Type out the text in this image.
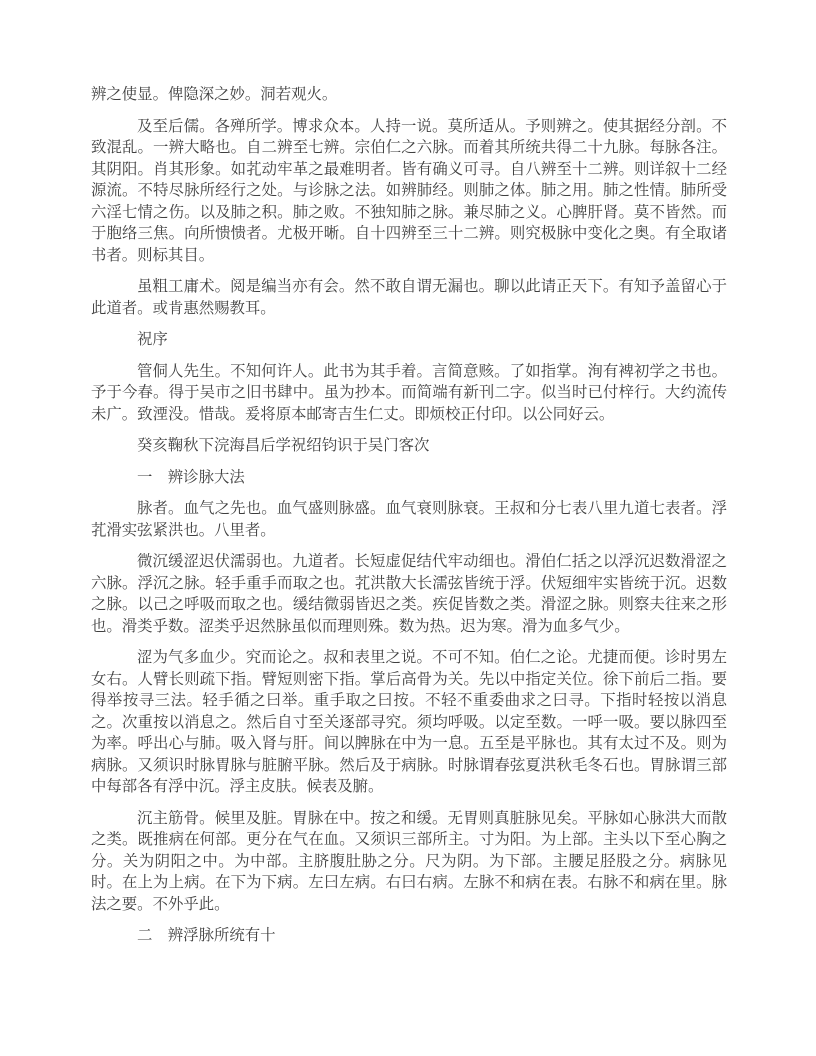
辨之使显。俾隐深之妙。洞若观火。

及至后儒。各殚所学。博求众本。人持一说。莫所适从。予则辨之。使其据经分剖。不致混乱。一辨大略也。自二辨至七辨。宗伯仁之六脉。而着其所统共得二十九脉。每脉各注。其阴阳。肖其形象。如芤动牢革之最难明者。皆有确义可寻。自八辨至十二辨。则详叙十二经源流。不特尽脉所经行之处。与诊脉之法。如辨肺经。则肺之体。肺之用。肺之性情。肺所受六淫七情之伤。以及肺之积。肺之败。不独知肺之脉。兼尽肺之义。心脾肝肾。莫不皆然。而于胞络三焦。向所愦愦者。尤极开晰。自十四辨至三十二辨。则究极脉中变化之奥。有全取诸书者。则标其目。

虽粗工庸术。阅是编当亦有会。然不敢自谓无漏也。聊以此请正天下。有知予盖留心于此道者。或肯惠然赐教耳。

祝序

管侗人先生。不知何许人。此书为其手着。言简意赅。了如指掌。洵有裨初学之书也。予于今春。得于吴市之旧书肆中。虽为抄本。而简端有新刊二字。似当时已付梓行。大约流传未广。致湮没。惜哉。爰将原本邮寄吉生仁丈。即烦校正付印。以公同好云。

癸亥鞠秋下浣海昌后学祝绍钧识于吴门客次

一　辨诊脉大法

脉者。血气之先也。血气盛则脉盛。血气衰则脉衰。王叔和分七表八里九道七表者。浮芤滑实弦紧洪也。八里者。

微沉缓涩迟伏濡弱也。九道者。长短虚促结代牢动细也。滑伯仁括之以浮沉迟数滑涩之六脉。浮沉之脉。轻手重手而取之也。芤洪散大长濡弦皆统于浮。伏短细牢实皆统于沉。迟数之脉。以己之呼吸而取之也。缓结微弱皆迟之类。疾促皆数之类。滑涩之脉。则察夫往来之形也。滑类乎数。涩类乎迟然脉虽似而理则殊。数为热。迟为寒。滑为血多气少。

涩为气多血少。究而论之。叔和表里之说。不可不知。伯仁之论。尤捷而便。诊时男左女右。人臂长则疏下指。臂短则密下指。掌后高骨为关。先以中指定关位。徐下前后二指。要得举按寻三法。轻手循之曰举。重手取之曰按。不轻不重委曲求之曰寻。下指时轻按以消息之。次重按以消息之。然后自寸至关逐部寻究。须均呼吸。以定至数。一呼一吸。要以脉四至为率。呼出心与肺。吸入肾与肝。间以脾脉在中为一息。五至是平脉也。其有太过不及。则为病脉。又须识时脉胃脉与脏腑平脉。然后及于病脉。时脉谓春弦夏洪秋毛冬石也。胃脉谓三部中每部各有浮中沉。浮主皮肤。候表及腑。

沉主筋骨。候里及脏。胃脉在中。按之和缓。无胃则真脏脉见矣。平脉如心脉洪大而散之类。既推病在何部。更分在气在血。又须识三部所主。寸为阳。为上部。主头以下至心胸之分。关为阴阳之中。为中部。主脐腹肚胁之分。尺为阴。为下部。主腰足胫股之分。病脉见时。在上为上病。在下为下病。左曰左病。右曰右病。左脉不和病在表。右脉不和病在里。脉法之要。不外乎此。

二　辨浮脉所统有十
